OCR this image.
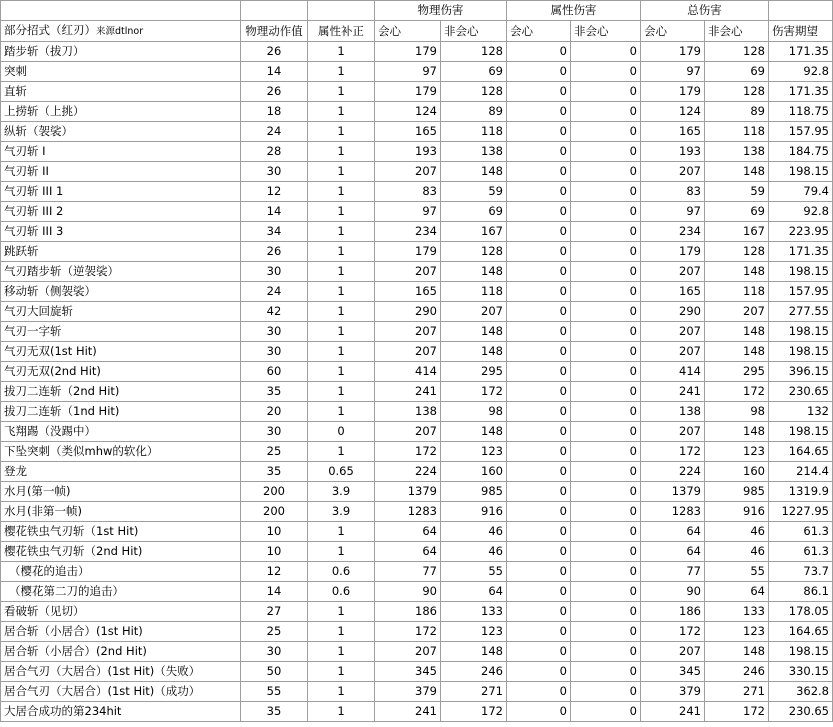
			物理伤害		属性伤害		总伤害		
部分招式（红刃）来源dtlnor	物理动作值	属性补正	会心	非会心	会心	非会心	会心	非会心	伤害期望
踏步斩（拔刀）	26	1	179	128	0	0	179	128	171.35
突刺	14	1	97	69	0	0	97	69	92.8
直斩	26	1	179	128	0	0	179	128	171.35
上捞斩（上挑）	18	1	124	89	0	0	124	89	118.75
纵斩（袈裟）	24	1	165	118	0	0	165	118	157.95
气刃斩 I	28	1	193	138	0	0	193	138	184.75
气刃斩 II	30	1	207	148	0	0	207	148	198.15
气刃斩 III 1	12	1	83	59	0	0	83	59	79.4
气刃斩 III 2	14	1	97	69	0	0	97	69	92.8
气刃斩 III 3	34	1	234	167	0	0	234	167	223.95
跳跃斩	26	1	179	128	0	0	179	128	171.35
气刃踏步斩（逆袈裟）	30	1	207	148	0	0	207	148	198.15
移动斩（侧袈裟）	24	1	165	118	0	0	165	118	157.95
气刃大回旋斩	42	1	290	207	0	0	290	207	277.55
气刃一字斩	30	1	207	148	0	0	207	148	198.15
气刃无双(1st Hit)	30	1	207	148	0	0	207	148	198.15
气刃无双(2nd Hit)	60	1	414	295	0	0	414	295	396.15
拔刀二连斩（2nd Hit)	35	1	241	172	0	0	241	172	230.65
拔刀二连斩（1nd Hit)	20	1	138	98	0	0	138	98	132
飞翔踢（没踢中）	30	0	207	148	0	0	207	148	198.15
下坠突刺（类似mhw的软化）	25	1	172	123	0	0	172	123	164.65
登龙	35	0.65	224	160	0	0	224	160	214.4
水月(第一帧)	200	3.9	1379	985	0	0	1379	985	1319.9
水月(非第一帧)	200	3.9	1283	916	0	0	1283	916	1227.95
樱花铁虫气刃斩（1st Hit)	10	1	64	46	0	0	64	46	61.3
樱花铁虫气刃斩（2nd Hit)	10	1	64	46	0	0	64	46	61.3
（樱花的追击）	12	0.6	77	55	0	0	77	55	73.7
（樱花第二刀的追击）	14	0.6	90	64	0	0	90	64	86.1
看破斩（见切）	27	1	186	133	0	0	186	133	178.05
居合斩（小居合）(1st Hit)	25	1	172	123	0	0	172	123	164.65
居合斩（小居合）(2nd Hit)	30	1	207	148	0	0	207	148	198.15
居合气刃（大居合）(1st Hit)（失败）	50	1	345	246	0	0	345	246	330.15
居合气刃（大居合）(1st Hit)（成功）	55	1	379	271	0	0	379	271	362.8
大居合成功的第234hit	35	1	241	172	0	0	241	172	230.65
